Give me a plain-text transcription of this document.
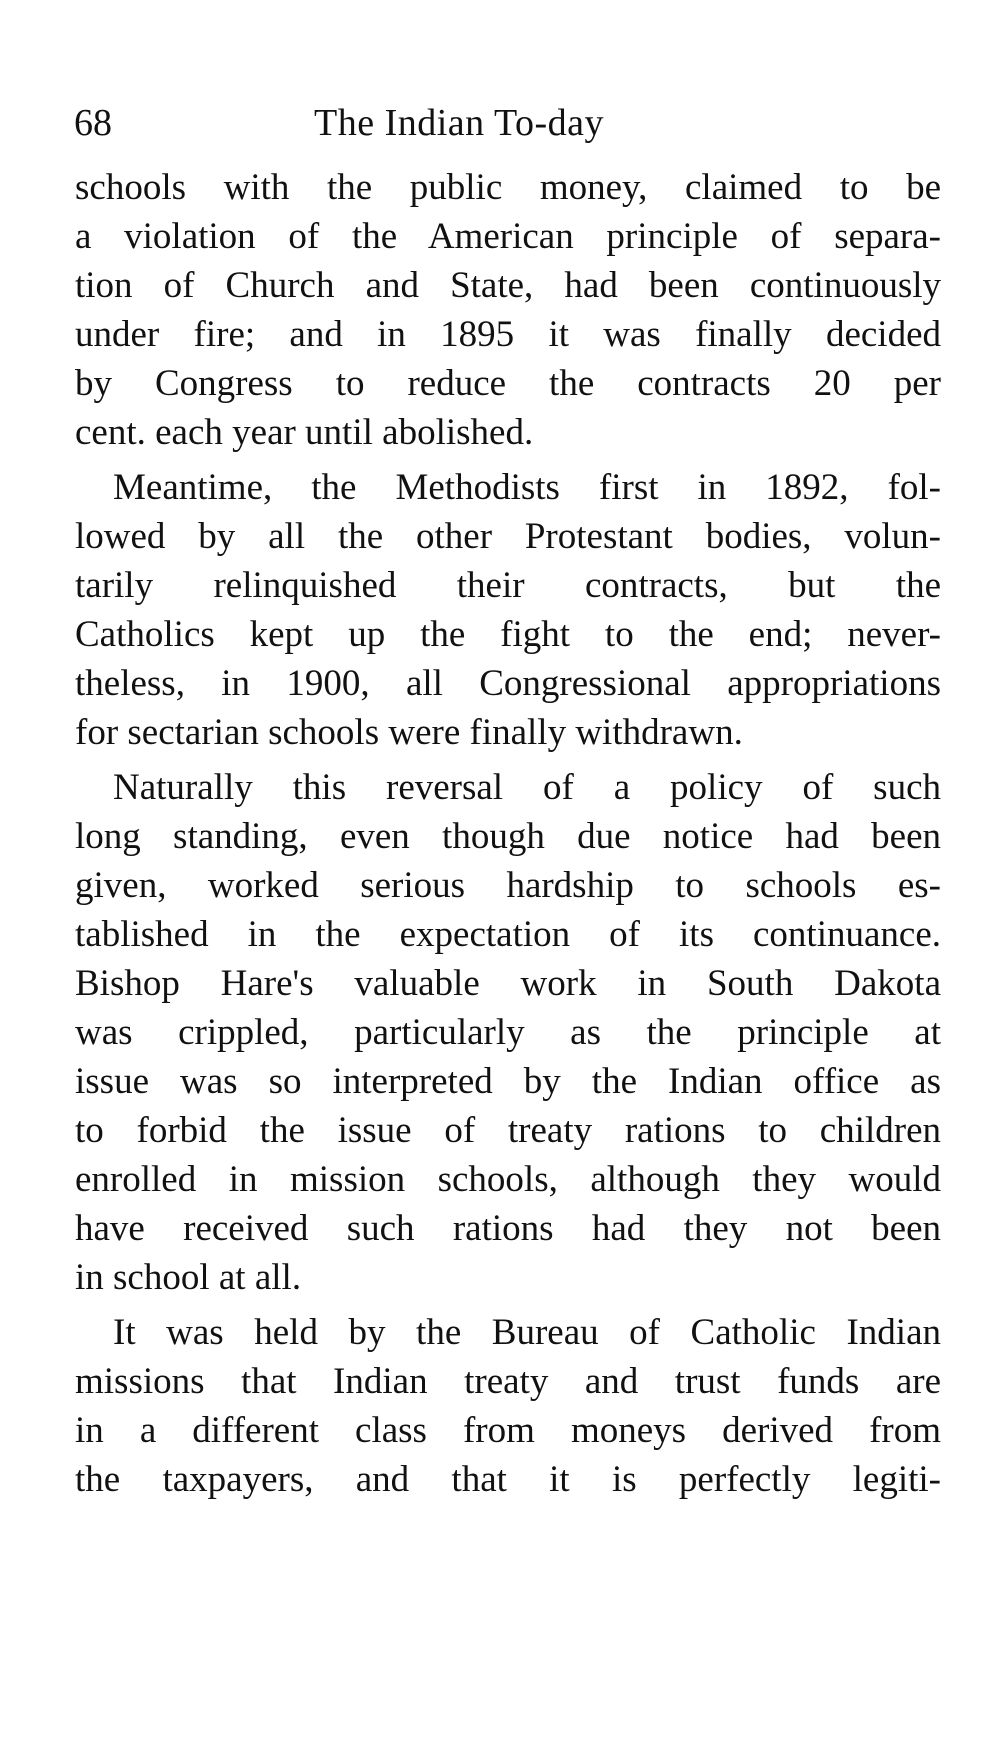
68	The Indian To-day
schools with the public money, claimed to be
a violation of the American principle of separa-
tion of Church and State, had been continuously
under fire; and in 1895 it was finally decided
by Congress to reduce the contracts 20 per
cent. each year until abolished.
Meantime, the Methodists first in 1892, fol-
lowed by all the other Protestant bodies, volun-
tarily relinquished their contracts, but the
Catholics kept up the fight to the end; never-
theless, in 1900, all Congressional appropriations
for sectarian schools were finally withdrawn.
Naturally this reversal of a policy of such
long standing, even though due notice had been
given, worked serious hardship to schools es-
tablished in the expectation of its continuance.
Bishop Hare's valuable work in South Dakota
was crippled, particularly as the principle at
issue was so interpreted by the Indian office as
to forbid the issue of treaty rations to children
enrolled in mission schools, although they would
have received such rations had they not been
in school at all.
It was held by the Bureau of Catholic Indian
missions that Indian treaty and trust funds are
in a different class from moneys derived from
the taxpayers, and that it is perfectly legiti-
